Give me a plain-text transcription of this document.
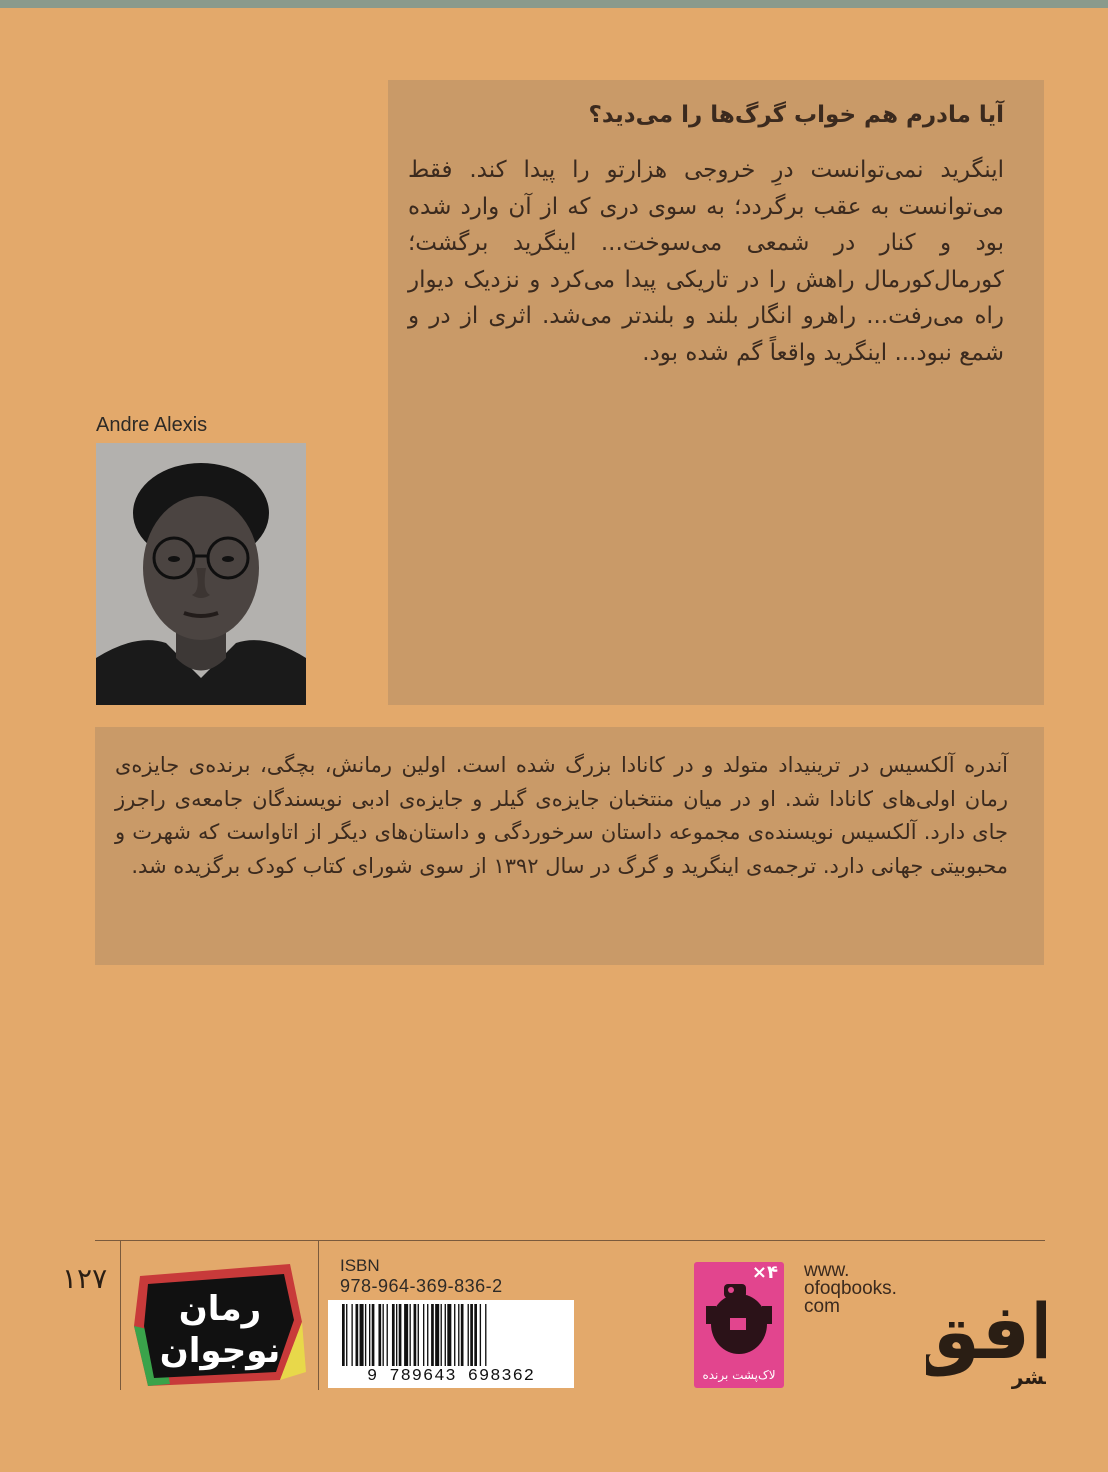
آیا مادرم هم خواب گرگ‌ها را می‌دید؟

اینگرید نمی‌توانست درِ خروجی هزارتو را پیدا کند. فقط می‌توانست به عقب برگردد؛ به سوی دری که از آن وارد شده بود و کنار در شمعی می‌سوخت... اینگرید برگشت؛ کورمال‌کورمال راهش را در تاریکی پیدا می‌کرد و نزدیک دیوار راه می‌رفت... راهرو انگار بلند و بلندتر می‌شد. اثری از در و شمع نبود... اینگرید واقعاً گم شده بود.

Andre Alexis

آندره آلکسیس در ترینیداد متولد و در کانادا بزرگ شده است. اولین رمانش، بچگی، برنده‌ی جایزه‌ی رمان اولی‌های کانادا شد. او در میان منتخبان جایزه‌ی گیلر و جایزه‌ی ادبی نویسندگان جامعه‌ی راجرز جای دارد. آلکسیس نویسنده‌ی مجموعه داستان سرخوردگی و داستان‌های دیگر از اتاواست که شهرت و محبوبیتی جهانی دارد. ترجمه‌ی اینگرید و گرگ در سال ۱۳۹۲ از سوی شورای کتاب کودک برگزیده شد.

۱۲۷
رمان
نوجوان
ISBN
978-964-369-836-2
9 789643 698362
×۴
لاک‌پشت برنده
www.
ofoqbooks.
com افق
شر
